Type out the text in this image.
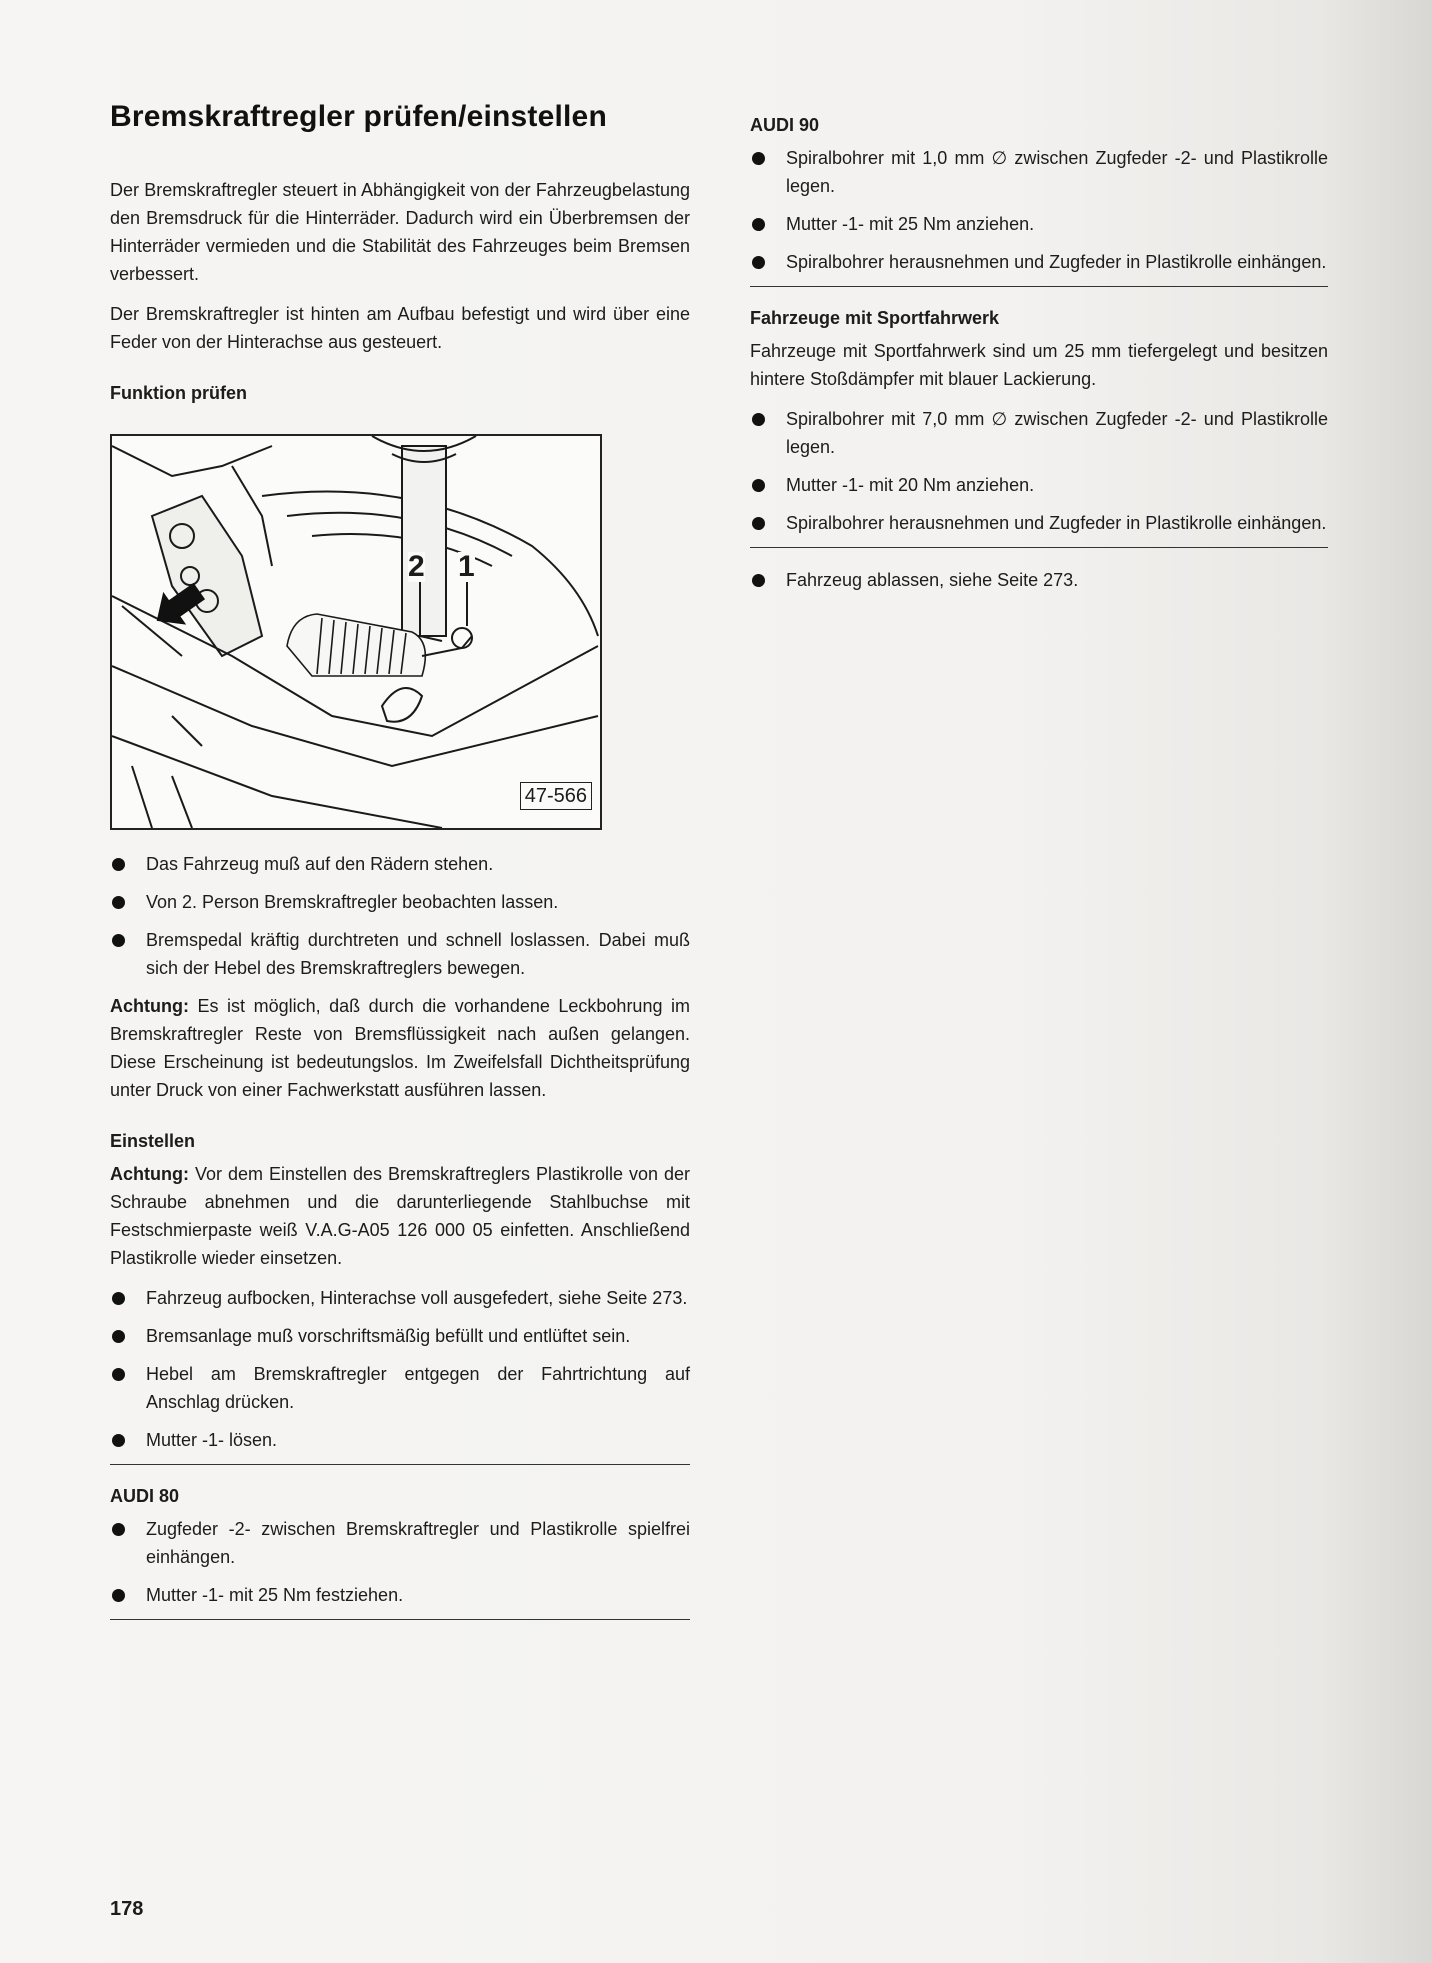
Bremskraftregler prüfen/einstellen

Der Bremskraftregler steuert in Abhängigkeit von der Fahrzeugbelastung den Bremsdruck für die Hinterräder. Dadurch wird ein Überbremsen der Hinterräder vermieden und die Stabilität des Fahrzeuges beim Bremsen verbessert.

Der Bremskraftregler ist hinten am Aufbau befestigt und wird über eine Feder von der Hinterachse aus gesteuert.

Funktion prüfen
2 1
47-566
Das Fahrzeug muß auf den Rädern stehen.
Von 2. Person Bremskraftregler beobachten lassen.
Bremspedal kräftig durchtreten und schnell loslassen. Dabei muß sich der Hebel des Bremskraftreglers bewegen.

Achtung: Es ist möglich, daß durch die vorhandene Leckbohrung im Bremskraftregler Reste von Bremsflüssigkeit nach außen gelangen. Diese Erscheinung ist bedeutungslos. Im Zweifelsfall Dichtheitsprüfung unter Druck von einer Fachwerkstatt ausführen lassen.

Einstellen

Achtung: Vor dem Einstellen des Bremskraftreglers Plastikrolle von der Schraube abnehmen und die darunterliegende Stahlbuchse mit Festschmierpaste weiß V.A.G-A05 126 000 05 einfetten. Anschließend Plastikrolle wieder einsetzen.

Fahrzeug aufbocken, Hinterachse voll ausgefedert, siehe Seite 273.
Bremsanlage muß vorschriftsmäßig befüllt und entlüftet sein.
Hebel am Bremskraftregler entgegen der Fahrtrichtung auf Anschlag drücken.
Mutter -1- lösen.
AUDI 80
Zugfeder -2- zwischen Bremskraftregler und Plastikrolle spielfrei einhängen.
Mutter -1- mit 25 Nm festziehen.
AUDI 90
Spiralbohrer mit 1,0 mm ∅ zwischen Zugfeder -2- und Plastikrolle legen.
Mutter -1- mit 25 Nm anziehen.
Spiralbohrer herausnehmen und Zugfeder in Plastikrolle einhängen.
Fahrzeuge mit Sportfahrwerk

Fahrzeuge mit Sportfahrwerk sind um 25 mm tiefergelegt und besitzen hintere Stoßdämpfer mit blauer Lackierung.

Spiralbohrer mit 7,0 mm ∅ zwischen Zugfeder -2- und Plastikrolle legen.
Mutter -1- mit 20 Nm anziehen.
Spiralbohrer herausnehmen und Zugfeder in Plastikrolle einhängen.
Fahrzeug ablassen, siehe Seite 273.
178
